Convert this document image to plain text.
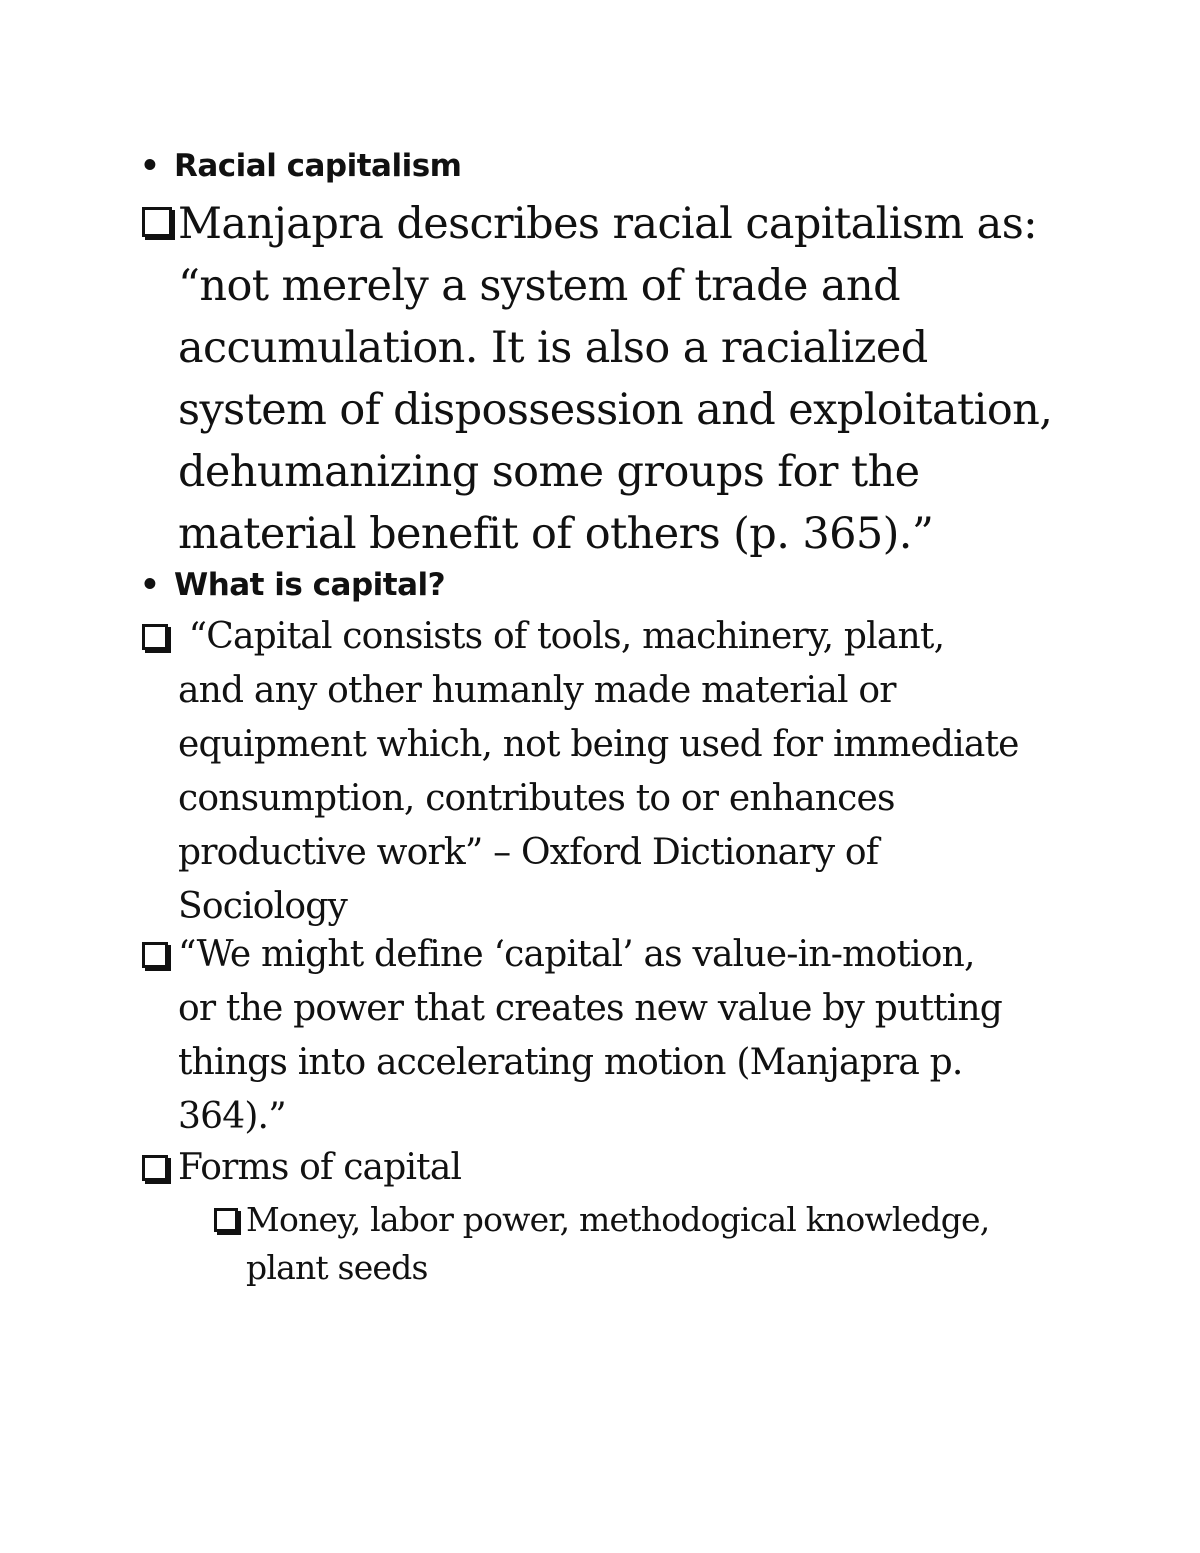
• Racial capitalism
Manjapra describes racial capitalism as:
“not merely a system of trade and
accumulation. It is also a racialized
system of dispossession and exploitation,
dehumanizing some groups for the
material benefit of others (p. 365).”
• What is capital?
“Capital consists of tools, machinery, plant,
and any other humanly made material or
equipment which, not being used for immediate
consumption, contributes to or enhances
productive work” – Oxford Dictionary of
Sociology
“We might define ‘capital’ as value-in-motion,
or the power that creates new value by putting
things into accelerating motion (Manjapra p.
364).”
Forms of capital
Money, labor power, methodogical knowledge,
plant seeds
